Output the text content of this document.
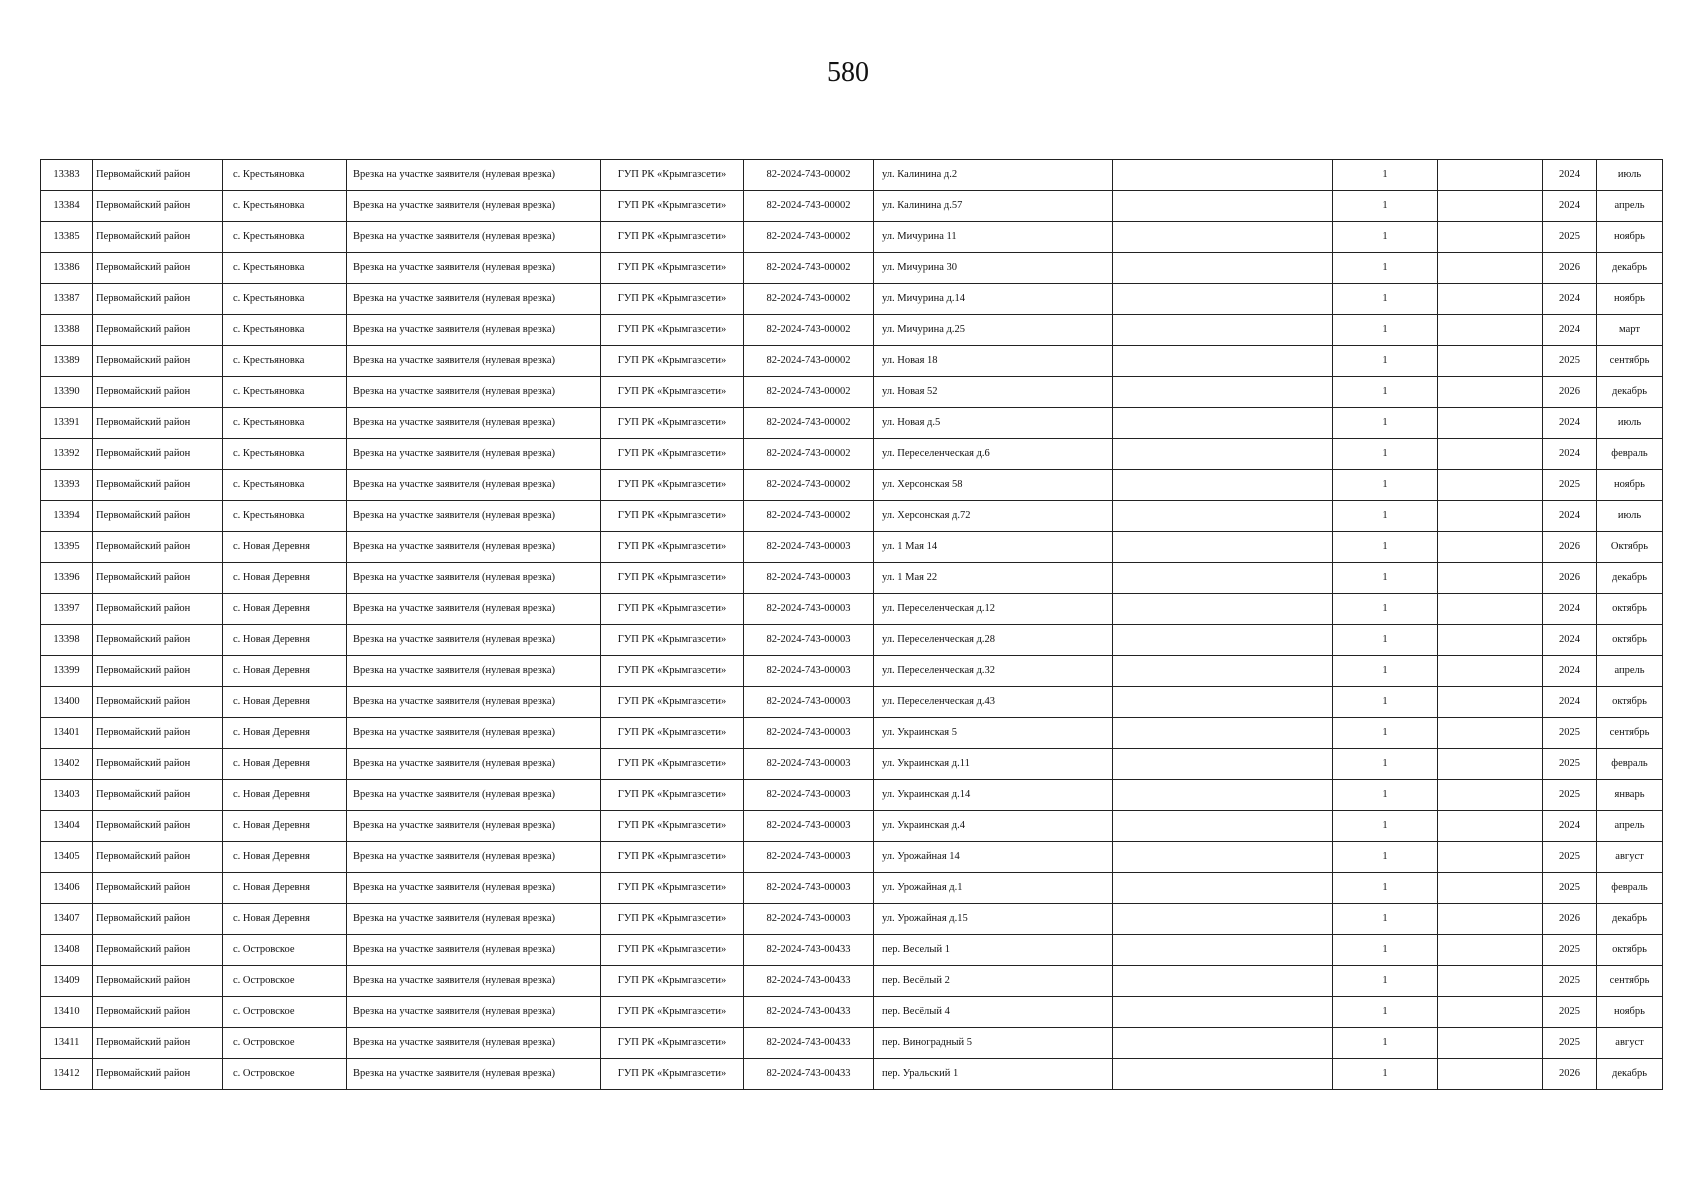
580
13383	Первомайский район	с. Крестьяновка	Врезка на участке заявителя (нулевая врезка)	ГУП РК «Крымгазсети»	82-2024-743-00002	ул. Калинина д.2		1		2024	июль
13384	Первомайский район	с. Крестьяновка	Врезка на участке заявителя (нулевая врезка)	ГУП РК «Крымгазсети»	82-2024-743-00002	ул. Калинина д.57		1		2024	апрель
13385	Первомайский район	с. Крестьяновка	Врезка на участке заявителя (нулевая врезка)	ГУП РК «Крымгазсети»	82-2024-743-00002	ул. Мичурина 11		1		2025	ноябрь
13386	Первомайский район	с. Крестьяновка	Врезка на участке заявителя (нулевая врезка)	ГУП РК «Крымгазсети»	82-2024-743-00002	ул. Мичурина 30		1		2026	декабрь
13387	Первомайский район	с. Крестьяновка	Врезка на участке заявителя (нулевая врезка)	ГУП РК «Крымгазсети»	82-2024-743-00002	ул. Мичурина д.14		1		2024	ноябрь
13388	Первомайский район	с. Крестьяновка	Врезка на участке заявителя (нулевая врезка)	ГУП РК «Крымгазсети»	82-2024-743-00002	ул. Мичурина д.25		1		2024	март
13389	Первомайский район	с. Крестьяновка	Врезка на участке заявителя (нулевая врезка)	ГУП РК «Крымгазсети»	82-2024-743-00002	ул. Новая 18		1		2025	сентябрь
13390	Первомайский район	с. Крестьяновка	Врезка на участке заявителя (нулевая врезка)	ГУП РК «Крымгазсети»	82-2024-743-00002	ул. Новая 52		1		2026	декабрь
13391	Первомайский район	с. Крестьяновка	Врезка на участке заявителя (нулевая врезка)	ГУП РК «Крымгазсети»	82-2024-743-00002	ул. Новая д.5		1		2024	июль
13392	Первомайский район	с. Крестьяновка	Врезка на участке заявителя (нулевая врезка)	ГУП РК «Крымгазсети»	82-2024-743-00002	ул. Переселенческая д.6		1		2024	февраль
13393	Первомайский район	с. Крестьяновка	Врезка на участке заявителя (нулевая врезка)	ГУП РК «Крымгазсети»	82-2024-743-00002	ул. Херсонская 58		1		2025	ноябрь
13394	Первомайский район	с. Крестьяновка	Врезка на участке заявителя (нулевая врезка)	ГУП РК «Крымгазсети»	82-2024-743-00002	ул. Херсонская д.72		1		2024	июль
13395	Первомайский район	с. Новая Деревня	Врезка на участке заявителя (нулевая врезка)	ГУП РК «Крымгазсети»	82-2024-743-00003	ул. 1 Мая 14		1		2026	Октябрь
13396	Первомайский район	с. Новая Деревня	Врезка на участке заявителя (нулевая врезка)	ГУП РК «Крымгазсети»	82-2024-743-00003	ул. 1 Мая 22		1		2026	декабрь
13397	Первомайский район	с. Новая Деревня	Врезка на участке заявителя (нулевая врезка)	ГУП РК «Крымгазсети»	82-2024-743-00003	ул. Переселенческая д.12		1		2024	октябрь
13398	Первомайский район	с. Новая Деревня	Врезка на участке заявителя (нулевая врезка)	ГУП РК «Крымгазсети»	82-2024-743-00003	ул. Переселенческая д.28		1		2024	октябрь
13399	Первомайский район	с. Новая Деревня	Врезка на участке заявителя (нулевая врезка)	ГУП РК «Крымгазсети»	82-2024-743-00003	ул. Переселенческая д.32		1		2024	апрель
13400	Первомайский район	с. Новая Деревня	Врезка на участке заявителя (нулевая врезка)	ГУП РК «Крымгазсети»	82-2024-743-00003	ул. Переселенческая д.43		1		2024	октябрь
13401	Первомайский район	с. Новая Деревня	Врезка на участке заявителя (нулевая врезка)	ГУП РК «Крымгазсети»	82-2024-743-00003	ул. Украинская 5		1		2025	сентябрь
13402	Первомайский район	с. Новая Деревня	Врезка на участке заявителя (нулевая врезка)	ГУП РК «Крымгазсети»	82-2024-743-00003	ул. Украинская д.11		1		2025	февраль
13403	Первомайский район	с. Новая Деревня	Врезка на участке заявителя (нулевая врезка)	ГУП РК «Крымгазсети»	82-2024-743-00003	ул. Украинская д.14		1		2025	январь
13404	Первомайский район	с. Новая Деревня	Врезка на участке заявителя (нулевая врезка)	ГУП РК «Крымгазсети»	82-2024-743-00003	ул. Украинская д.4		1		2024	апрель
13405	Первомайский район	с. Новая Деревня	Врезка на участке заявителя (нулевая врезка)	ГУП РК «Крымгазсети»	82-2024-743-00003	ул. Урожайная 14		1		2025	август
13406	Первомайский район	с. Новая Деревня	Врезка на участке заявителя (нулевая врезка)	ГУП РК «Крымгазсети»	82-2024-743-00003	ул. Урожайная д.1		1		2025	февраль
13407	Первомайский район	с. Новая Деревня	Врезка на участке заявителя (нулевая врезка)	ГУП РК «Крымгазсети»	82-2024-743-00003	ул. Урожайная д.15		1		2026	декабрь
13408	Первомайский район	с. Островское	Врезка на участке заявителя (нулевая врезка)	ГУП РК «Крымгазсети»	82-2024-743-00433	пер. Веселый 1		1		2025	октябрь
13409	Первомайский район	с. Островское	Врезка на участке заявителя (нулевая врезка)	ГУП РК «Крымгазсети»	82-2024-743-00433	пер. Весёлый 2		1		2025	сентябрь
13410	Первомайский район	с. Островское	Врезка на участке заявителя (нулевая врезка)	ГУП РК «Крымгазсети»	82-2024-743-00433	пер. Весёлый 4		1		2025	ноябрь
13411	Первомайский район	с. Островское	Врезка на участке заявителя (нулевая врезка)	ГУП РК «Крымгазсети»	82-2024-743-00433	пер. Виноградный 5		1		2025	август
13412	Первомайский район	с. Островское	Врезка на участке заявителя (нулевая врезка)	ГУП РК «Крымгазсети»	82-2024-743-00433	пер. Уральский 1		1		2026	декабрь
